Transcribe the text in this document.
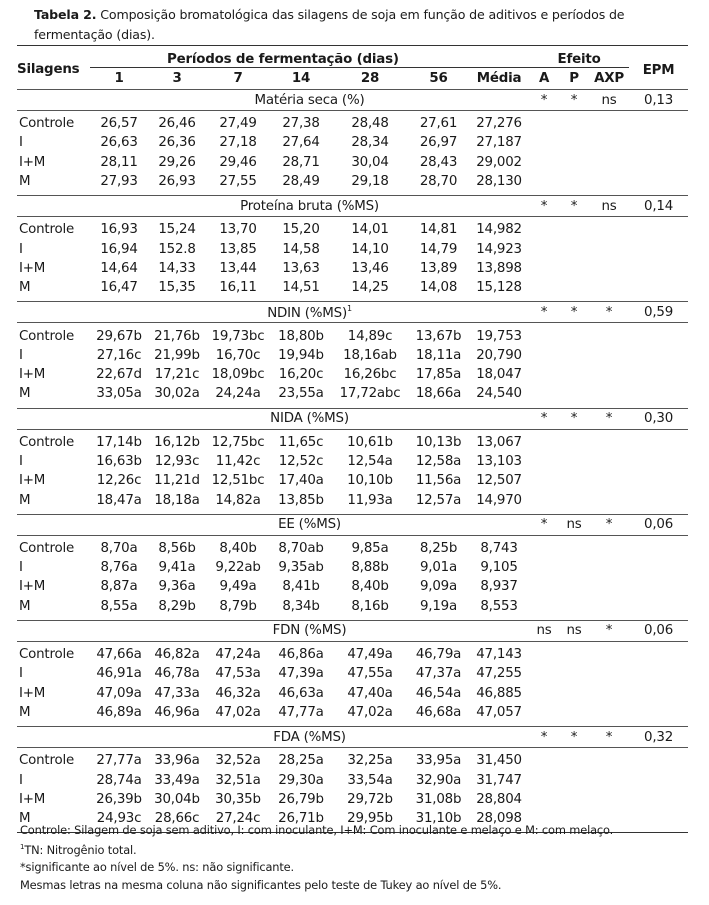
Tabela 2. Composição bromatológica das silagens de soja em função de aditivos e períodos de fermentação (dias).
Silagens	Períodos de fermentação (dias)							Efeito			EPM
	1	3	7	14	28	56	Média	A	P	AXP	
	Matéria seca (%)							*	*	ns	0,13
Controle	26,57	26,46	27,49	27,38	28,48	27,61	27,276				
I	26,63	26,36	27,18	27,64	28,34	26,97	27,187				
I+M	28,11	29,26	29,46	28,71	30,04	28,43	29,002				
M	27,93	26,93	27,55	28,49	29,18	28,70	28,130				
	Proteína bruta (%MS)							*	*	ns	0,14
Controle	16,93	15,24	13,70	15,20	14,01	14,81	14,982				
I	16,94	152.8	13,85	14,58	14,10	14,79	14,923				
I+M	14,64	14,33	13,44	13,63	13,46	13,89	13,898				
M	16,47	15,35	16,11	14,51	14,25	14,08	15,128				
	NDIN $(\%MS)^1$							*	*	*	0,59
Controle	29,67b	21,76b	19,73bc	18,80b	14,89c	13,67b	19,753				
I	27,16c	21,99b	16,70c	19,94b	18,16ab	18,11a	20,790				
I+M	22,67d	17,21c	18,09bc	16,20c	16,26bc	17,85a	18,047				
M	33,05a	30,02a	24,24a	23,55a	17,72abc	18,66a	24,540				
	NIDA (%MS)							*	*	*	0,30
Controle	17,14b	16,12b	12,75bc	11,65c	10,61b	10,13b	13,067				
I	16,63b	12,93c	11,42c	12,52c	12,54a	12,58a	13,103				
I+M	12,26c	11,21d	12,51bc	17,40a	10,10b	11,56a	12,507				
M	18,47a	18,18a	14,82a	13,85b	11,93a	12,57a	14,970				
	EE (%MS)							*	ns	*	0,06
Controle	8,70a	8,56b	8,40b	8,70ab	9,85a	8,25b	8,743				
I	8,76a	9,41a	9,22ab	9,35ab	8,88b	9,01a	9,105				
I+M	8,87a	9,36a	9,49a	8,41b	8,40b	9,09a	8,937				
M	8,55a	8,29b	8,79b	8,34b	8,16b	9,19a	8,553				
	FDN (%MS)							ns	ns	*	0,06
Controle	47,66a	46,82a	47,24a	46,86a	47,49a	46,79a	47,143				
I	46,91a	46,78a	47,53a	47,39a	47,55a	47,37a	47,255				
I+M	47,09a	47,33a	46,32a	46,63a	47,40a	46,54a	46,885				
M	46,89a	46,96a	47,02a	47,77a	47,02a	46,68a	47,057				
	FDA (%MS)							*	*	*	0,32
Controle	27,77a	33,96a	32,52a	28,25a	32,25a	33,95a	31,450				
I	28,74a	33,49a	32,51a	29,30a	33,54a	32,90a	31,747				
I+M	26,39b	30,04b	30,35b	26,79b	29,72b	31,08b	28,804				
M	24,93c	28,66c	27,24c	26,71b	29,95b	31,10b	28,098				

Controle: Silagem de soja sem aditivo, I: com inoculante, I+M: Com inoculante e melaço e M: com melaço.
$^1$TN: Nitrogênio total.
*significante ao nível de 5%. ns: não significante.
Mesmas letras na mesma coluna não significantes pelo teste de Tukey ao nível de 5%.
